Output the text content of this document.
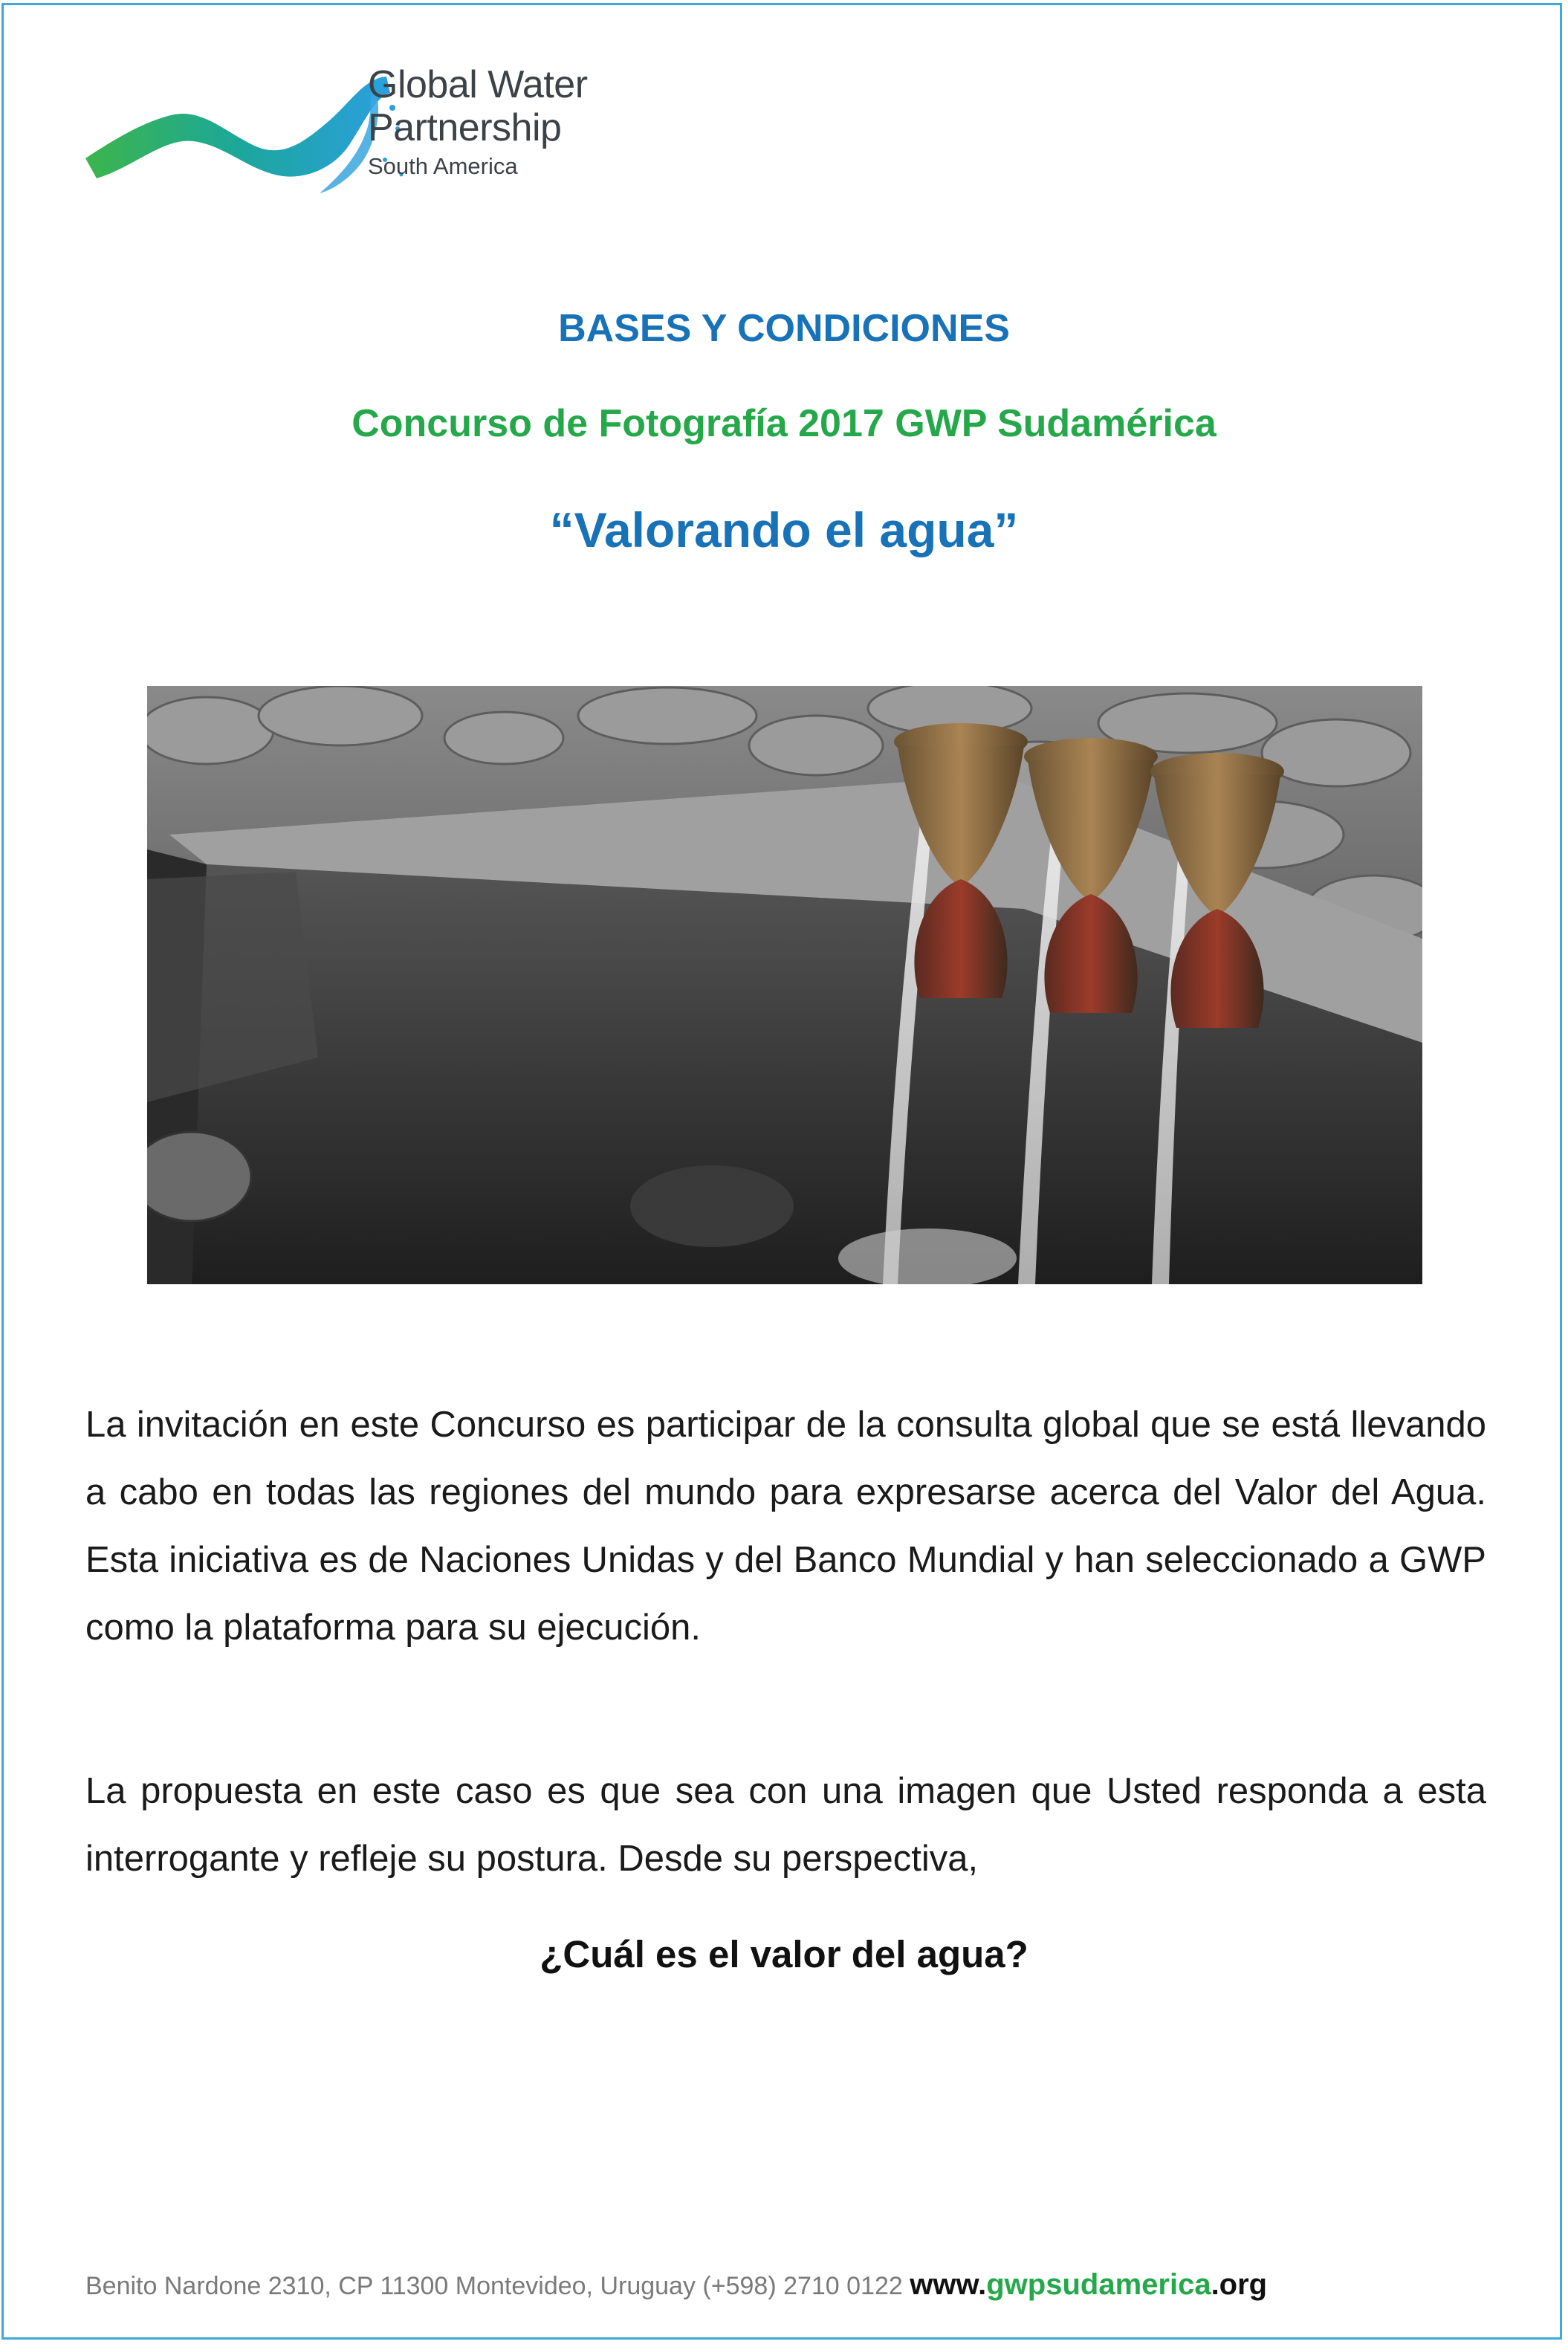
Global Water
Partnership
South America
BASES Y CONDICIONES
Concurso de Fotografía 2017 GWP Sudamérica
“Valorando el agua”

La invitación en este Concurso es participar de la consulta global que se está llevando a cabo en todas las regiones del mundo para expresarse acerca del Valor del Agua. Esta iniciativa es de Naciones Unidas y del Banco Mundial y han seleccionado a GWP como la plataforma para su ejecución.

La propuesta en este caso es que sea con una imagen que Usted responda a esta interrogante y refleje su postura. Desde su perspectiva,

¿Cuál es el valor del agua?
Benito Nardone 2310, CP 11300 Montevideo, Uruguay (+598) 2710 0122 www.gwpsudamerica.org
